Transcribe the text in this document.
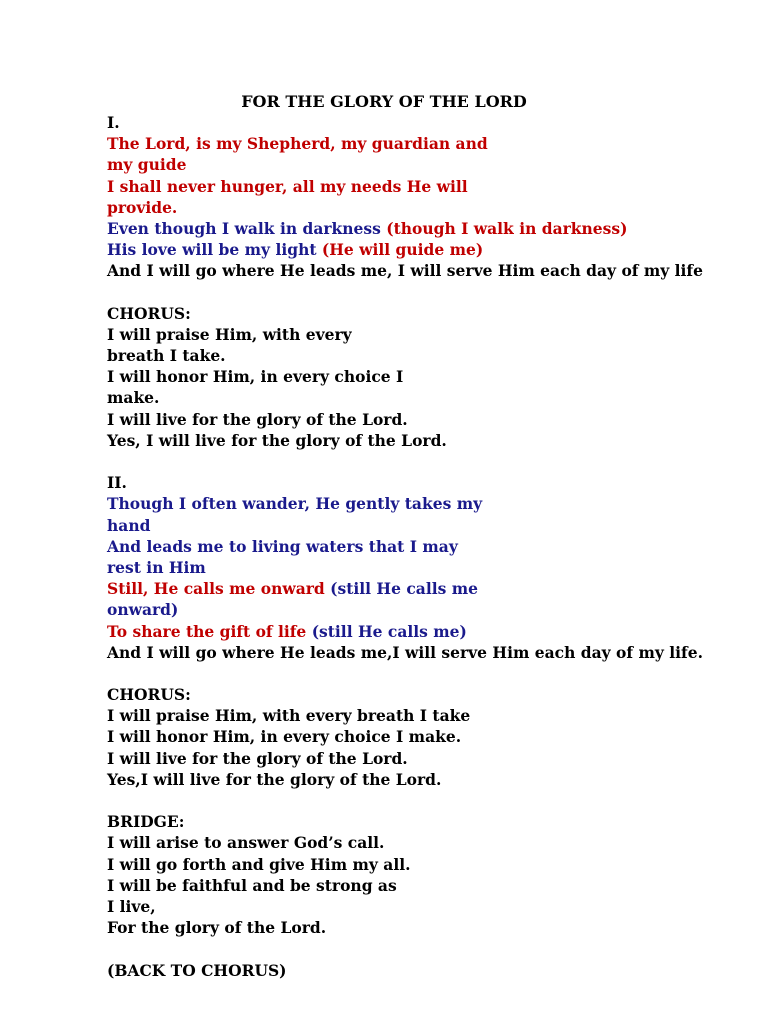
FOR THE GLORY OF THE LORD
I.
The Lord, is my Shepherd, my guardian and
my guide
I shall never hunger, all my needs He will
provide.
Even though I walk in darkness (though I walk in darkness)
His love will be my light (He will guide me)
And I will go where He leads me, I will serve Him each day of my life
CHORUS:
I will praise Him, with every
breath I take.
I will honor Him, in every choice I
make.
I will live for the glory of the Lord.
Yes, I will live for the glory of the Lord.
II.
Though I often wander, He gently takes my
hand
And leads me to living waters that I may
rest in Him
Still, He calls me onward (still He calls me
onward)
To share the gift of life (still He calls me)
And I will go where He leads me,I will serve Him each day of my life.
CHORUS:
I will praise Him, with every breath I take
I will honor Him, in every choice I make.
I will live for the glory of the Lord.
Yes,I will live for the glory of the Lord.
BRIDGE:
I will arise to answer God’s call.
I will go forth and give Him my all.
I will be faithful and be strong as
I live,
For the glory of the Lord.
(BACK TO CHORUS)
